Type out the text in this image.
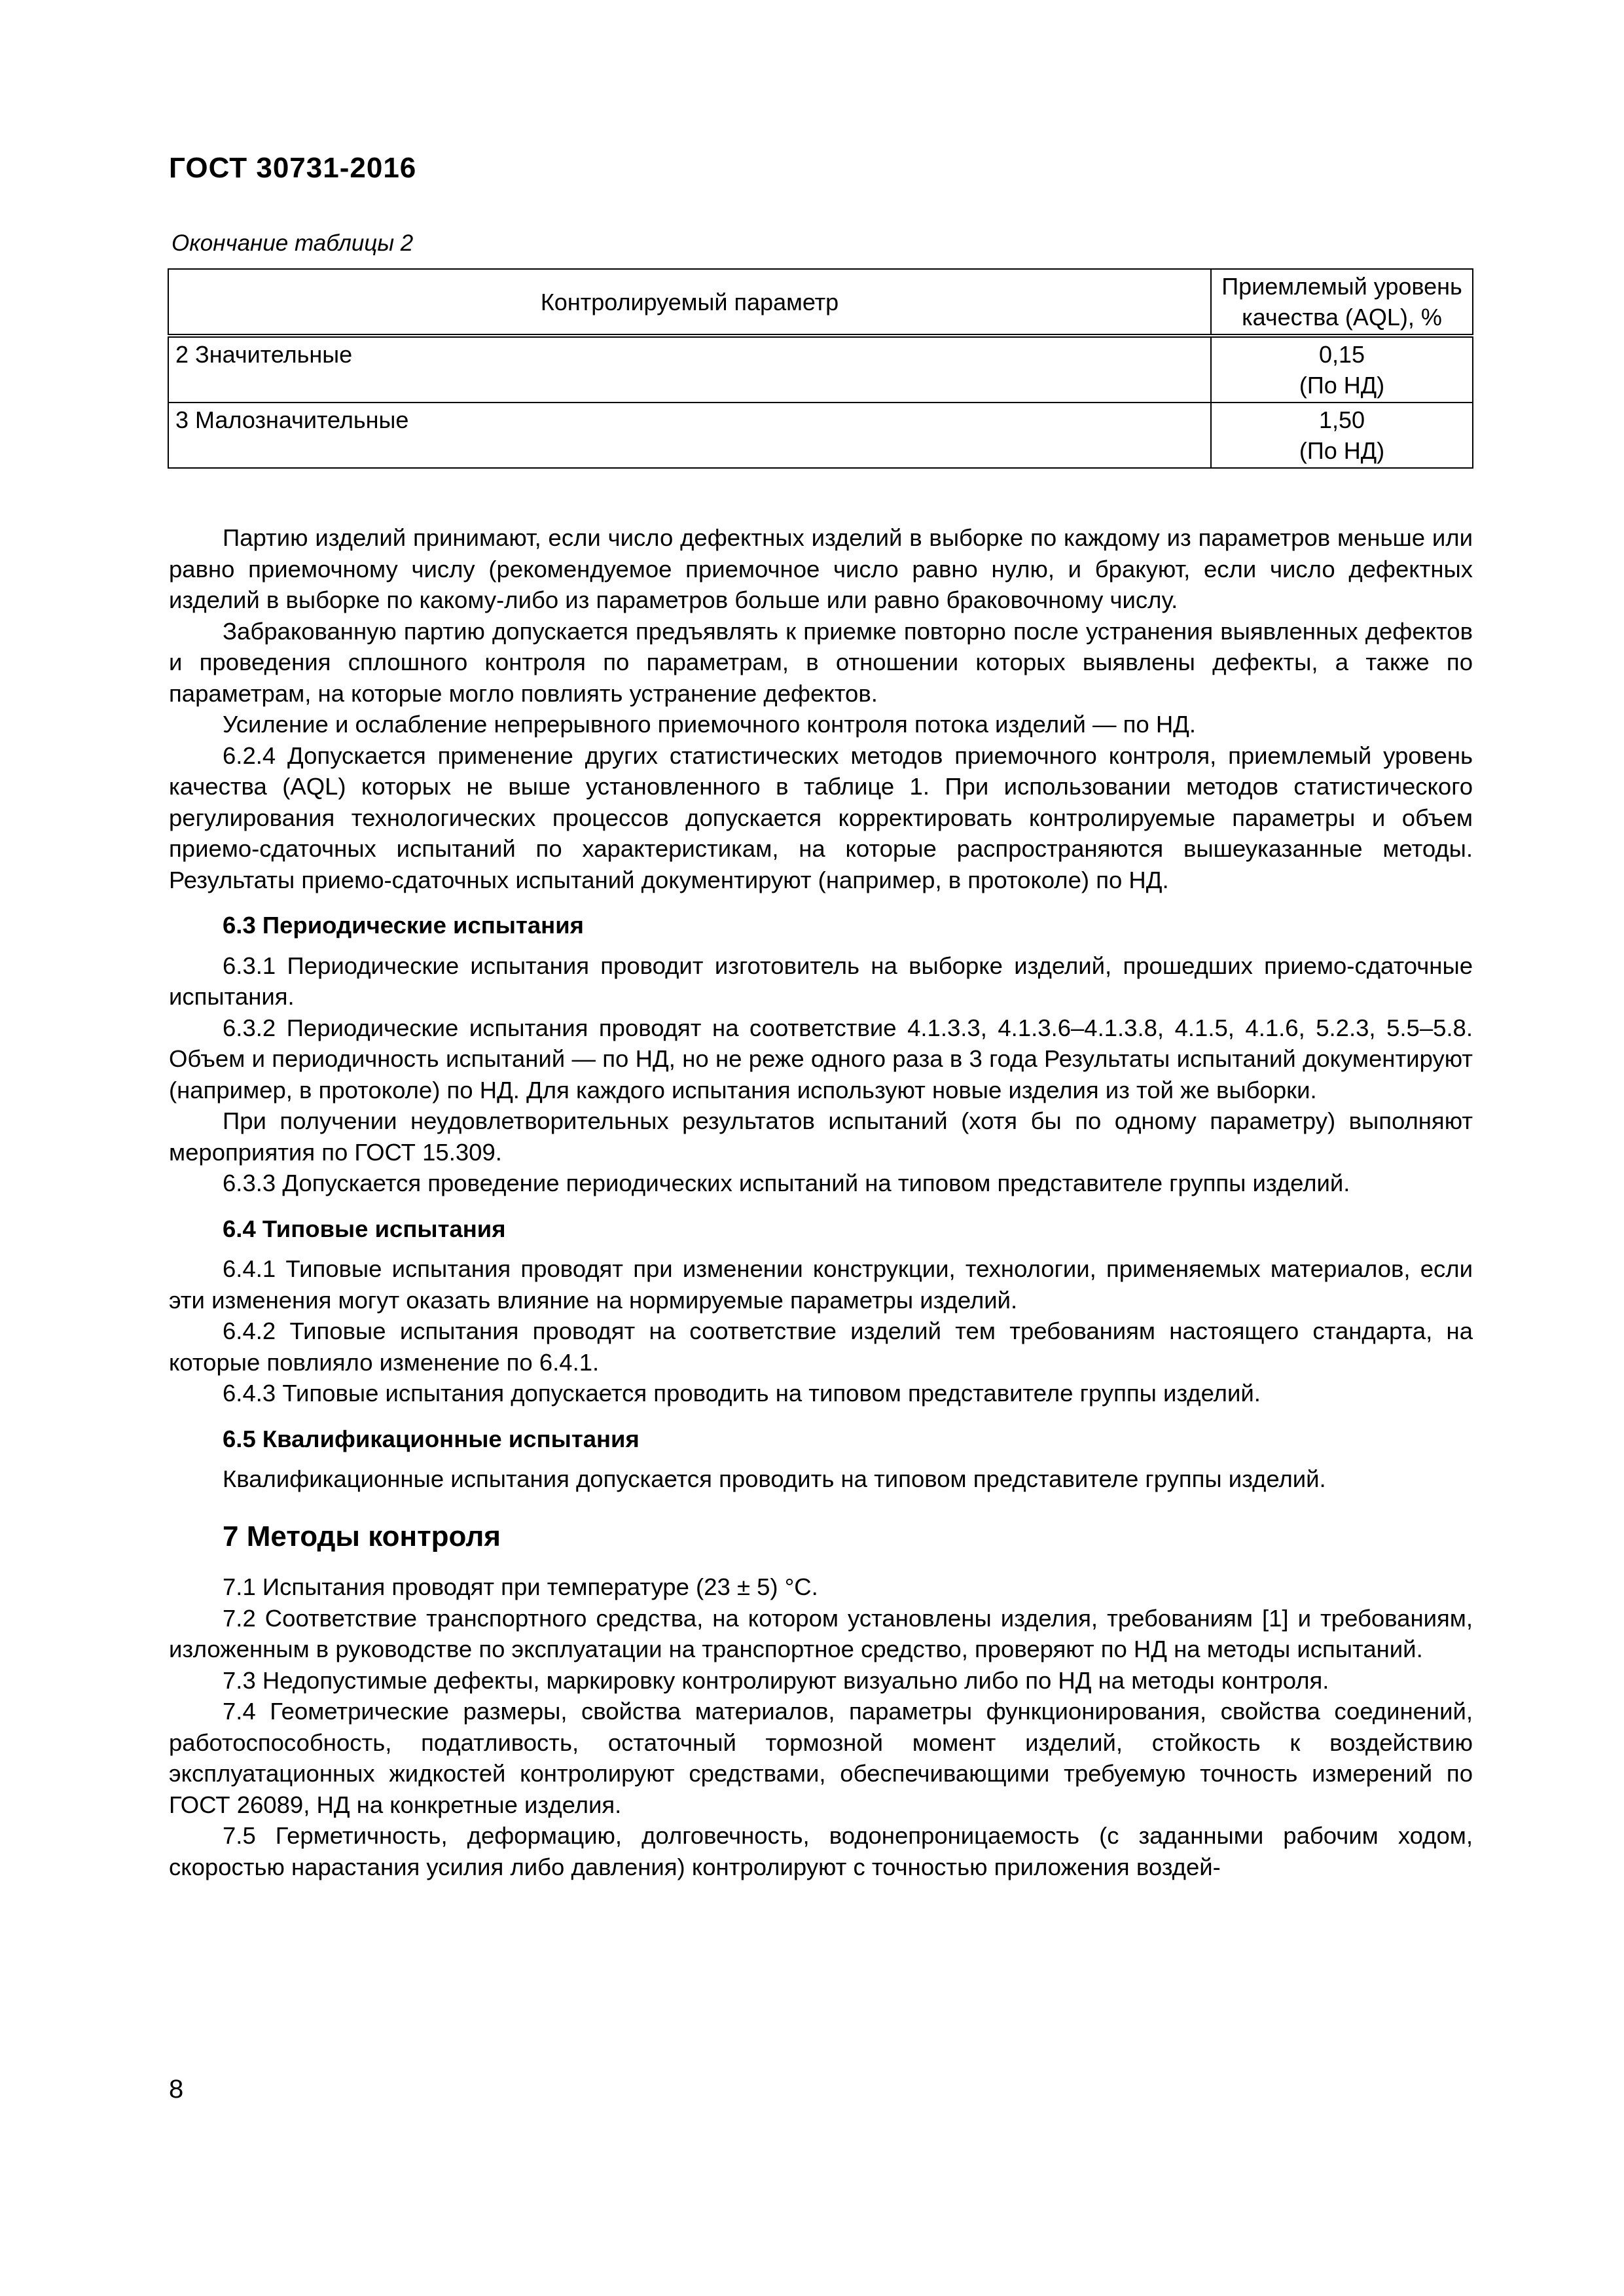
ГОСТ 30731-2016
Окончание таблицы 2
Контролируемый параметр	Приемлемый уровень качества (AQL), %
2 Значительные	0,15
(По НД)

3 Малозначительные	1,50
(По НД)

Партию изделий принимают, если число дефектных изделий в выборке по каждому из параметров меньше или равно приемочному числу (рекомендуемое приемочное число равно нулю, и бракуют, если число дефектных изделий в выборке по какому-либо из параметров больше или равно браковочному числу.

Забракованную партию допускается предъявлять к приемке повторно после устранения выявленных дефектов и проведения сплошного контроля по параметрам, в отношении которых выявлены дефекты, а также по параметрам, на которые могло повлиять устранение дефектов.

Усиление и ослабление непрерывного приемочного контроля потока изделий — по НД.

6.2.4 Допускается применение других статистических методов приемочного контроля, приемлемый уровень качества (AQL) которых не выше установленного в таблице 1. При использовании методов статистического регулирования технологических процессов допускается корректировать контролируемые параметры и объем приемо-сдаточных испытаний по характеристикам, на которые распространяются вышеуказанные методы. Результаты приемо-сдаточных испытаний документируют (например, в протоколе) по НД.

6.3 Периодические испытания

6.3.1 Периодические испытания проводит изготовитель на выборке изделий, прошедших приемо-сдаточные испытания.

6.3.2 Периодические испытания проводят на соответствие 4.1.3.3, 4.1.3.6–4.1.3.8, 4.1.5, 4.1.6, 5.2.3, 5.5–5.8. Объем и периодичность испытаний — по НД, но не реже одного раза в 3 года Результаты испытаний документируют (например, в протоколе) по НД. Для каждого испытания используют новые изделия из той же выборки.

При получении неудовлетворительных результатов испытаний (хотя бы по одному параметру) выполняют мероприятия по ГОСТ 15.309.

6.3.3 Допускается проведение периодических испытаний на типовом представителе группы изделий.

6.4 Типовые испытания

6.4.1 Типовые испытания проводят при изменении конструкции, технологии, применяемых материалов, если эти изменения могут оказать влияние на нормируемые параметры изделий.

6.4.2 Типовые испытания проводят на соответствие изделий тем требованиям настоящего стандарта, на которые повлияло изменение по 6.4.1.

6.4.3 Типовые испытания допускается проводить на типовом представителе группы изделий.

6.5 Квалификационные испытания

Квалификационные испытания допускается проводить на типовом представителе группы изделий.

7 Методы контроля

7.1 Испытания проводят при температуре (23 ± 5) °С.

7.2 Соответствие транспортного средства, на котором установлены изделия, требованиям [1] и требованиям, изложенным в руководстве по эксплуатации на транспортное средство, проверяют по НД на методы испытаний.

7.3 Недопустимые дефекты, маркировку контролируют визуально либо по НД на методы контроля.

7.4 Геометрические размеры, свойства материалов, параметры функционирования, свойства соединений, работоспособность, податливость, остаточный тормозной момент изделий, стойкость к воздействию эксплуатационных жидкостей контролируют средствами, обеспечивающими требуемую точность измерений по ГОСТ 26089, НД на конкретные изделия.

7.5 Герметичность, деформацию, долговечность, водонепроницаемость (с заданными рабочим ходом, скоростью нарастания усилия либо давления) контролируют с точностью приложения воздей-

8
